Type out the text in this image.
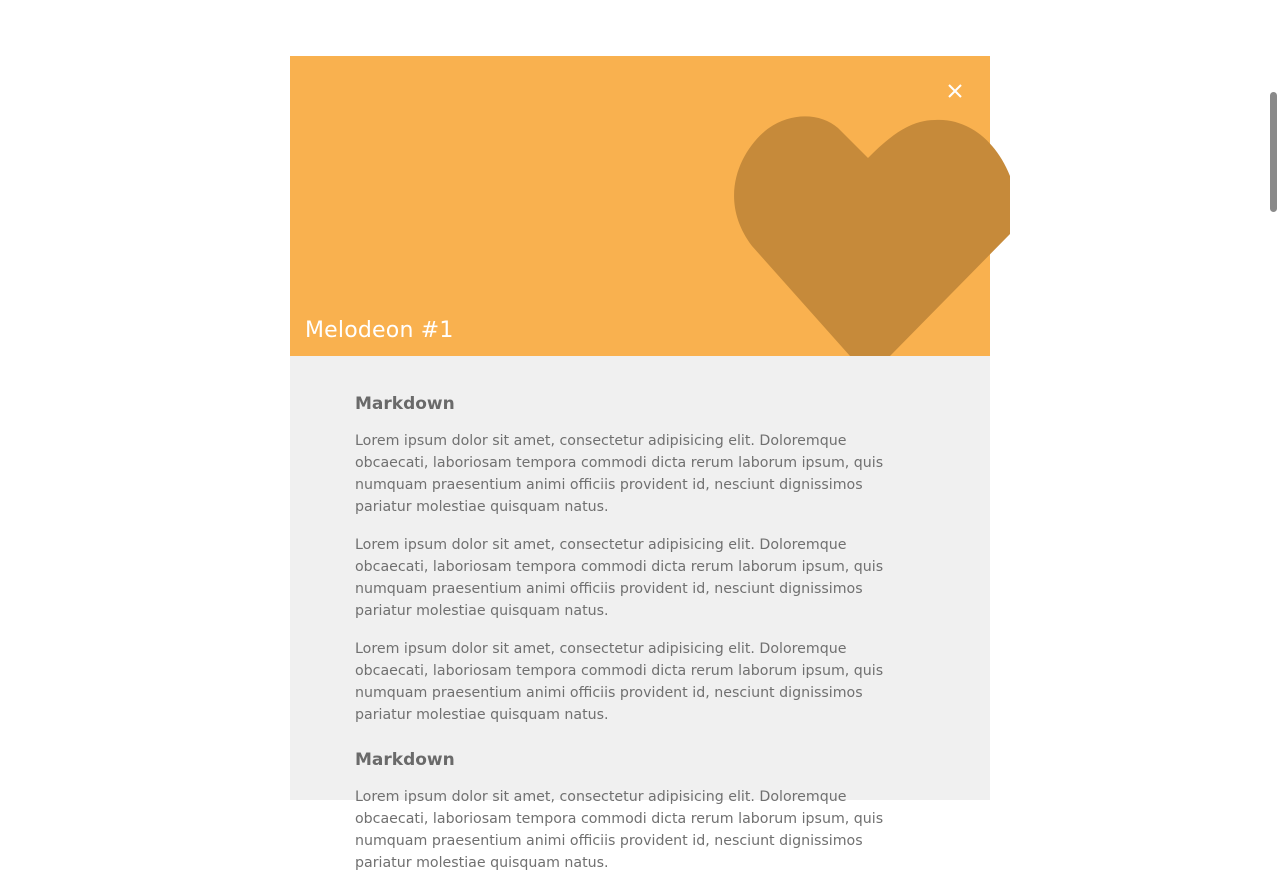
Melodeon #1
Markdown

Lorem ipsum dolor sit amet, consectetur adipisicing elit. Doloremque obcaecati, laboriosam tempora commodi dicta rerum laborum ipsum, quis numquam praesentium animi officiis provident id, nesciunt dignissimos pariatur molestiae quisquam natus.

Lorem ipsum dolor sit amet, consectetur adipisicing elit. Doloremque obcaecati, laboriosam tempora commodi dicta rerum laborum ipsum, quis numquam praesentium animi officiis provident id, nesciunt dignissimos pariatur molestiae quisquam natus.

Lorem ipsum dolor sit amet, consectetur adipisicing elit. Doloremque obcaecati, laboriosam tempora commodi dicta rerum laborum ipsum, quis numquam praesentium animi officiis provident id, nesciunt dignissimos pariatur molestiae quisquam natus.

Markdown

Lorem ipsum dolor sit amet, consectetur adipisicing elit. Doloremque obcaecati, laboriosam tempora commodi dicta rerum laborum ipsum, quis numquam praesentium animi officiis provident id, nesciunt dignissimos pariatur molestiae quisquam natus.
